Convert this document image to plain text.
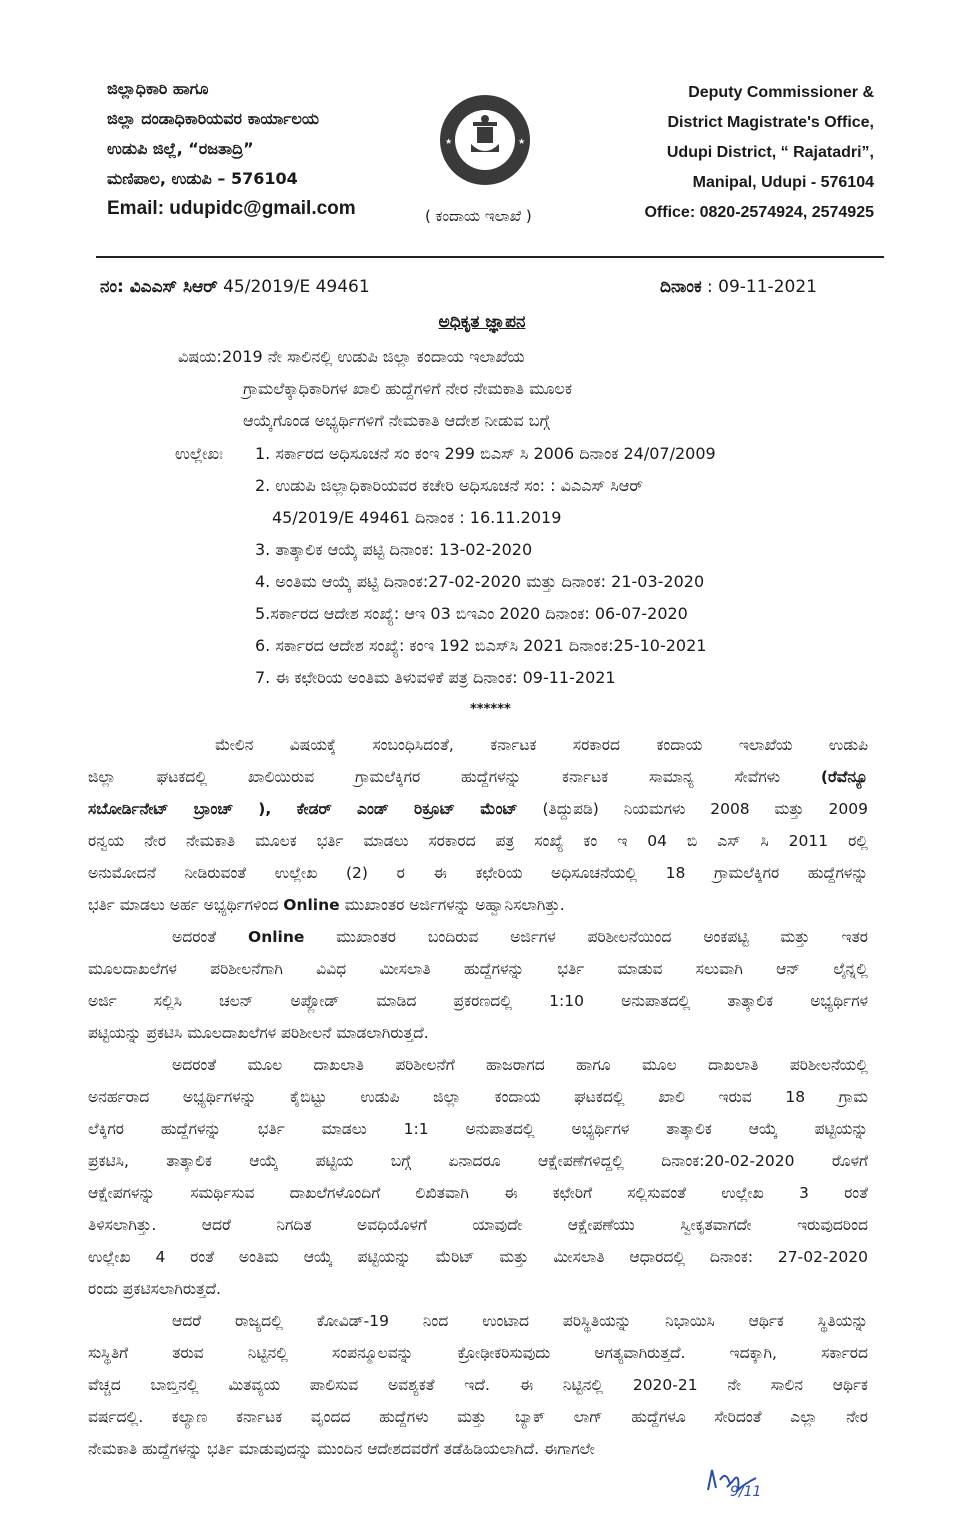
ಜಿಲ್ಲಾಧಿಕಾರಿ ಹಾಗೂ
ಜಿಲ್ಲಾ ದಂಡಾಧಿಕಾರಿಯವರ ಕಾರ್ಯಾಲಯ
ಉಡುಪಿ ಜಿಲ್ಲೆ, “ರಜತಾದ್ರಿ”
ಮಣಿಪಾಲ, ಉಡುಪಿ – 576104
Email: udupidc@gmail.com
★	★
( ಕಂದಾಯ ಇಲಾಖೆ )
Deputy Commissioner &
District Magistrate's Office,
Udupi District, “ Rajatadri”,
Manipal, Udupi - 576104
Office: 0820-2574924, 2574925
ನಂ: ವಿಎಎಸ್ ಸಿಆರ್ 45/2019/E 49461	ದಿನಾಂಕ : 09-11-2021
ಅಧಿಕೃತ ಜ್ಞಾಪನ
ವಿಷಯ: 2019 ನೇ ಸಾಲಿನಲ್ಲಿ ಉಡುಪಿ ಜಿಲ್ಲಾ ಕಂದಾಯ ಇಲಾಖೆಯ
ಗ್ರಾಮಲೆಕ್ಕಾಧಿಕಾರಿಗಳ ಖಾಲಿ ಹುದ್ದೆಗಳಿಗೆ ನೇರ ನೇಮಕಾತಿ ಮೂಲಕ
ಆಯ್ಕೆಗೊಂಡ ಅಭ್ಯರ್ಥಿಗಳಿಗೆ ನೇಮಕಾತಿ ಆದೇಶ ನೀಡುವ ಬಗ್ಗೆ
ಉಲ್ಲೇಖಃ 1. ಸರ್ಕಾರದ ಅಧಿಸೂಚನೆ ಸಂ ಕಂಇ 299 ಬಿಎಸ್ ಸಿ 2006 ದಿನಾಂಕ 24/07/2009
2. ಉಡುಪಿ ಜಿಲ್ಲಾಧಿಕಾರಿಯವರ ಕಚೇರಿ ಅಧಿಸೂಚನೆ ಸಂ: : ವಿಎಎಸ್ ಸಿಆರ್
45/2019/E 49461 ದಿನಾಂಕ : 16.11.2019
3. ತಾತ್ಕಾಲಿಕ ಆಯ್ಕೆ ಪಟ್ಟಿ ದಿನಾಂಕ: 13-02-2020
4. ಅಂತಿಮ ಆಯ್ಕೆ ಪಟ್ಟಿ ದಿನಾಂಕ:27-02-2020 ಮತ್ತು ದಿನಾಂಕ: 21-03-2020
5.ಸರ್ಕಾರದ ಆದೇಶ ಸಂಖ್ಯೆ: ಆಇ 03 ಬಿಇಎಂ 2020 ದಿನಾಂಕ: 06-07-2020
6. ಸರ್ಕಾರದ ಆದೇಶ ಸಂಖ್ಯೆ: ಕಂಇ 192 ಬಿಎಸ್‌ಸಿ 2021 ದಿನಾಂಕ:25-10-2021
7. ಈ ಕಛೇರಿಯ ಅಂತಿಮ ತಿಳುವಳಿಕೆ ಪತ್ರ ದಿನಾಂಕ: 09-11-2021
******
ಮೇಲಿನ ವಿಷಯಕ್ಕೆ ಸಂಬಂಧಿಸಿದಂತೆ, ಕರ್ನಾಟಕ ಸರಕಾರದ ಕಂದಾಯ ಇಲಾಖೆಯ ಉಡುಪಿ
ಜಿಲ್ಲಾ ಘಟಕದಲ್ಲಿ ಖಾಲಿಯಿರುವ ಗ್ರಾಮಲೆಕ್ಕಿಗರ ಹುದ್ದೆಗಳನ್ನು ಕರ್ನಾಟಕ ಸಾಮಾನ್ಯ ಸೇವೆಗಳು (ರೆವೆನ್ಯೂ
ಸಬೋರ್ಡಿನೇಟ್ ಬ್ರಾಂಚ್ ), ಕೇಡರ್ ಎಂಡ್ ರಿಕ್ರೂಟ್ ಮೆಂಟ್ (ತಿದ್ದುಪಡಿ) ನಿಯಮಗಳು 2008 ಮತ್ತು 2009
ರನ್ವಯ ನೇರ ನೇಮಕಾತಿ ಮೂಲಕ ಭರ್ತಿ ಮಾಡಲು ಸರಕಾರದ ಪತ್ರ ಸಂಖ್ಯೆ ಕಂ ಇ 04 ಬಿ ಎಸ್ ಸಿ 2011 ರಲ್ಲಿ
ಅನುಮೋದನೆ ನೀಡಿರುವಂತೆ ಉಲ್ಲೇಖ (2) ರ ಈ ಕಛೇರಿಯ ಅಧಿಸೂಚನೆಯಲ್ಲಿ 18 ಗ್ರಾಮಲೆಕ್ಕಿಗರ ಹುದ್ದೆಗಳನ್ನು
ಭರ್ತಿ ಮಾಡಲು ಅರ್ಹ ಅಭ್ಯರ್ಥಿಗಳಿಂದ Online ಮುಖಾಂತರ ಅರ್ಜಿಗಳನ್ನು ಅಹ್ವಾನಿಸಲಾಗಿತ್ತು.
ಅದರಂತೆ Online ಮುಖಾಂತರ ಬಂದಿರುವ ಅರ್ಜಿಗಳ ಪರಿಶೀಲನೆಯಿಂದ ಅಂಕಪಟ್ಟಿ ಮತ್ತು ಇತರ
ಮೂಲದಾಖಲೆಗಳ ಪರಿಶೀಲನೆಗಾಗಿ ವಿವಿಧ ಮೀಸಲಾತಿ ಹುದ್ದೆಗಳನ್ನು ಭರ್ತಿ ಮಾಡುವ ಸಲುವಾಗಿ ಆನ್ ಲೈನ್ನಲ್ಲಿ
ಅರ್ಜಿ ಸಲ್ಲಿಸಿ ಚಲನ್ ಅಪ್ಲೋಡ್ ಮಾಡಿದ ಪ್ರಕರಣದಲ್ಲಿ 1:10 ಅನುಪಾತದಲ್ಲಿ ತಾತ್ಕಾಲಿಕ ಅಭ್ಯರ್ಥಿಗಳ
ಪಟ್ಟಿಯನ್ನು ಪ್ರಕಟಿಸಿ ಮೂಲದಾಖಲೆಗಳ ಪರಿಶೀಲನೆ ಮಾಡಲಾಗಿರುತ್ತದೆ.
ಅದರಂತೆ ಮೂಲ ದಾಖಲಾತಿ ಪರಿಶೀಲನೆಗೆ ಹಾಜರಾಗದ ಹಾಗೂ ಮೂಲ ದಾಖಲಾತಿ ಪರಿಶೀಲನೆಯಲ್ಲಿ
ಅನರ್ಹರಾದ ಅಭ್ಯರ್ಥಿಗಳನ್ನು ಕೈಬಿಟ್ಟು ಉಡುಪಿ ಜಿಲ್ಲಾ ಕಂದಾಯ ಘಟಕದಲ್ಲಿ ಖಾಲಿ ಇರುವ 18 ಗ್ರಾಮ
ಲೆಕ್ಕಿಗರ ಹುದ್ದೆಗಳನ್ನು ಭರ್ತಿ ಮಾಡಲು 1:1 ಅನುಪಾತದಲ್ಲಿ ಅಭ್ಯರ್ಥಿಗಳ ತಾತ್ಕಾಲಿಕ ಆಯ್ಕೆ ಪಟ್ಟಿಯನ್ನು
ಪ್ರಕಟಿಸಿ, ತಾತ್ಕಾಲಿಕ ಆಯ್ಕೆ ಪಟ್ಟಿಯ ಬಗ್ಗೆ ಏನಾದರೂ ಆಕ್ಷೇಪಣೆಗಳಿದ್ದಲ್ಲಿ ದಿನಾಂಕ:20-02-2020 ರೊಳಗೆ
ಆಕ್ಷೇಪಗಳನ್ನು ಸಮರ್ಥಿಸುವ ದಾಖಲೆಗಳೊಂದಿಗೆ ಲಿಖಿತವಾಗಿ ಈ ಕಛೇರಿಗೆ ಸಲ್ಲಿಸುವಂತೆ ಉಲ್ಲೇಖ 3 ರಂತೆ
ತಿಳಿಸಲಾಗಿತ್ತು. ಆದರೆ ನಿಗದಿತ ಅವಧಿಯೊಳಗೆ ಯಾವುದೇ ಆಕ್ಷೇಪಣೆಯು ಸ್ವೀಕೃತವಾಗದೇ ಇರುವುದರಿಂದ
ಉಲ್ಲೇಖ 4 ರಂತೆ ಅಂತಿಮ ಆಯ್ಕೆ ಪಟ್ಟಿಯನ್ನು ಮೆರಿಟ್ ಮತ್ತು ಮೀಸಲಾತಿ ಆಧಾರದಲ್ಲಿ ದಿನಾಂಕ: 27-02-2020
ರಂದು ಪ್ರಕಟಿಸಲಾಗಿರುತ್ತದೆ.
ಆದರೆ ರಾಜ್ಯದಲ್ಲಿ ಕೋವಿಡ್-19 ನಿಂದ ಉಂಟಾದ ಪರಿಸ್ಥಿತಿಯನ್ನು ನಿಭಾಯಿಸಿ ಆರ್ಥಿಕ ಸ್ಥಿತಿಯನ್ನು
ಸುಸ್ಥಿತಿಗೆ ತರುವ ನಿಟ್ಟಿನಲ್ಲಿ ಸಂಪನ್ಮೂಲವನ್ನು ಕ್ರೋಢೀಕರಿಸುವುದು ಅಗತ್ಯವಾಗಿರುತ್ತದೆ. ಇದಕ್ಕಾಗಿ, ಸರ್ಕಾರದ
ವೆಚ್ಚದ ಬಾಬ್ತಿನಲ್ಲಿ ಮಿತವ್ಯಯ ಪಾಲಿಸುವ ಅವಶ್ಯಕತೆ ಇದೆ. ಈ ನಿಟ್ಟಿನಲ್ಲಿ 2020-21 ನೇ ಸಾಲಿನ ಆರ್ಥಿಕ
ವರ್ಷದಲ್ಲಿ. ಕಲ್ಯಾಣ ಕರ್ನಾಟಕ ವೃಂದದ ಹುದ್ದೆಗಳು ಮತ್ತು ಬ್ಯಾಕ್ ಲಾಗ್ ಹುದ್ದೆಗಳೂ ಸೇರಿದಂತೆ ಎಲ್ಲಾ ನೇರ
ನೇಮಕಾತಿ ಹುದ್ದೆಗಳನ್ನು ಭರ್ತಿ ಮಾಡುವುದನ್ನು ಮುಂದಿನ ಆದೇಶದವರೆಗೆ ತಡೆಹಿಡಿಯಲಾಗಿದೆ. ಈಗಾಗಲೇ
9/11
